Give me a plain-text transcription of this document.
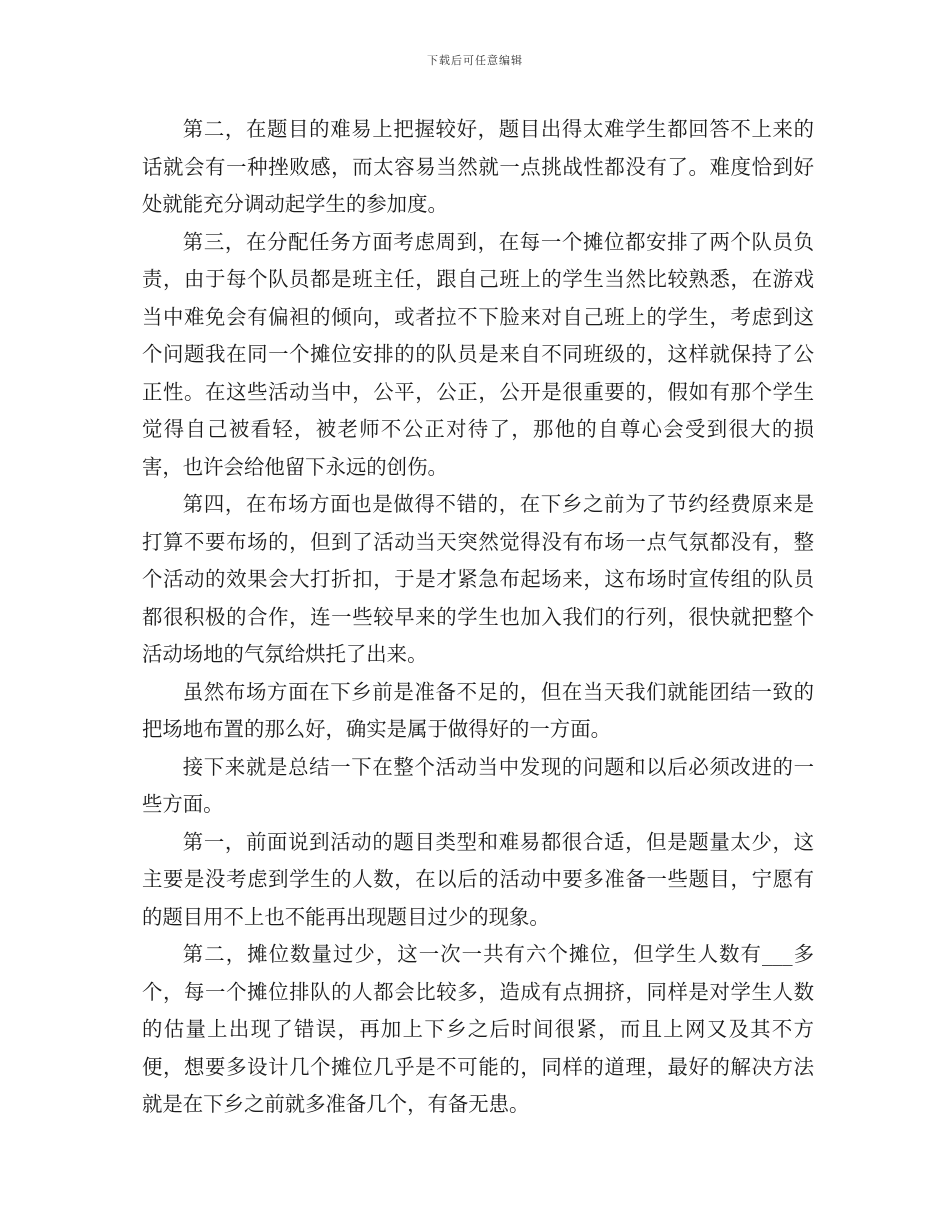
下载后可任意编辑

第二，在题目的难易上把握较好，题目出得太难学生都回答不上来的话就会有一种挫败感，而太容易当然就一点挑战性都没有了。难度恰到好处就能充分调动起学生的参加度。

第三，在分配任务方面考虑周到，在每一个摊位都安排了两个队员负责，由于每个队员都是班主任，跟自己班上的学生当然比较熟悉，在游戏当中难免会有偏袒的倾向，或者拉不下脸来对自己班上的学生，考虑到这个问题我在同一个摊位安排的的队员是来自不同班级的，这样就保持了公正性。在这些活动当中，公平，公正，公开是很重要的，假如有那个学生觉得自己被看轻，被老师不公正对待了，那他的自尊心会受到很大的损害，也许会给他留下永远的创伤。

第四，在布场方面也是做得不错的，在下乡之前为了节约经费原来是打算不要布场的，但到了活动当天突然觉得没有布场一点气氛都没有，整个活动的效果会大打折扣，于是才紧急布起场来，这布场时宣传组的队员都很积极的合作，连一些较早来的学生也加入我们的行列，很快就把整个活动场地的气氛给烘托了出来。

虽然布场方面在下乡前是准备不足的，但在当天我们就能团结一致的把场地布置的那么好，确实是属于做得好的一方面。

接下来就是总结一下在整个活动当中发现的问题和以后必须改进的一些方面。

第一，前面说到活动的题目类型和难易都很合适，但是题量太少，这主要是没考虑到学生的人数，在以后的活动中要多准备一些题目，宁愿有的题目用不上也不能再出现题目过少的现象。

第二，摊位数量过少，这一次一共有六个摊位，但学生人数有___多个，每一个摊位排队的人都会比较多，造成有点拥挤，同样是对学生人数的估量上出现了错误，再加上下乡之后时间很紧，而且上网又及其不方便，想要多设计几个摊位几乎是不可能的，同样的道理，最好的解决方法就是在下乡之前就多准备几个，有备无患。
